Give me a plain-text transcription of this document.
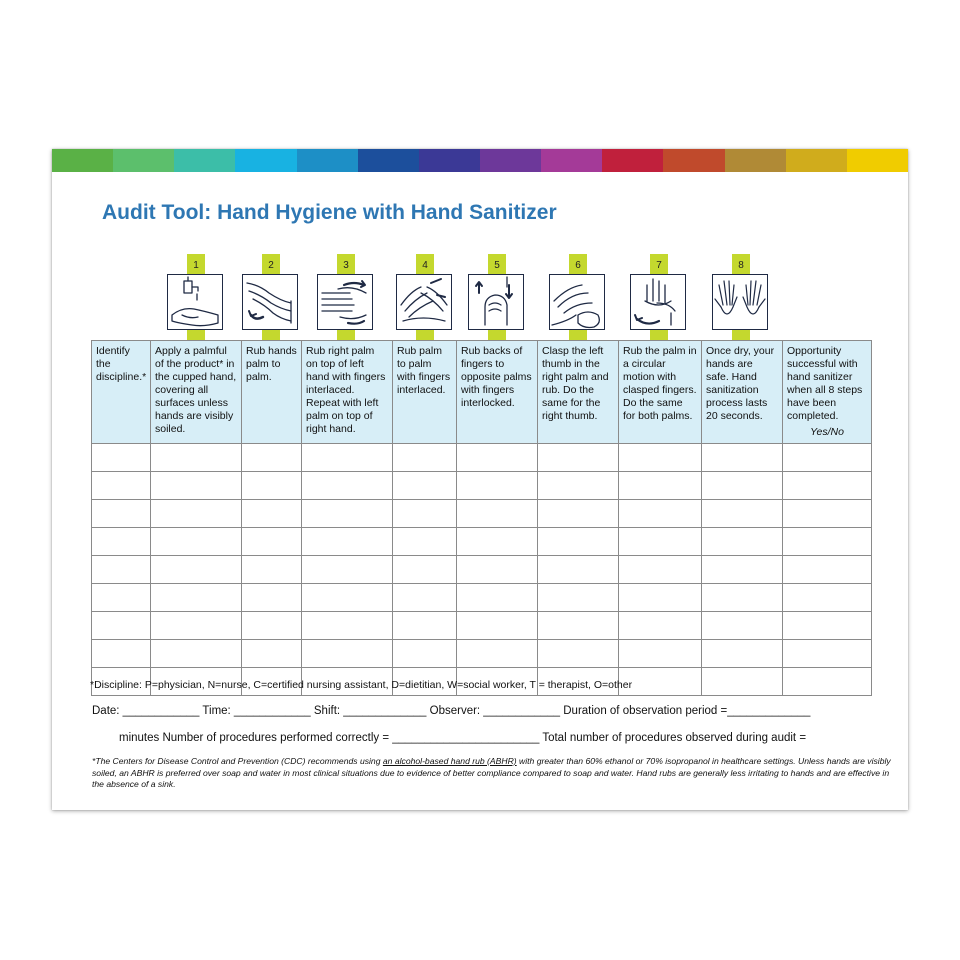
Audit Tool: Hand Hygiene with Hand Sanitizer
1	2	3	4	5	6	7	8
Identify the discipline.*	Apply a palmful of the product* in the cupped hand, covering all surfaces unless hands are visibly soiled.	Rub hands palm to palm.	Rub right palm on top of left hand with fingers interlaced. Repeat with left palm on top of right hand.	Rub palm to palm with fingers interlaced.	Rub backs of fingers to opposite palms with fingers interlocked.	Clasp the left thumb in the right palm and rub. Do the same for the right thumb.	Rub the palm in a circular motion with clasped fingers. Do the same for both palms.	Once dry, your hands are safe. Hand sanitization process lasts 20 seconds.	Opportunity successful with hand sanitizer when all 8 steps have been completed.
Yes/No

*Discipline: P=physician, N=nurse, C=certified nursing assistant, D=dietitian, W=social worker, T = therapist, O=other
Date: ____________ Time: ____________ Shift: _____________ Observer: ____________ Duration of observation period =_____________
minutes Number of procedures performed correctly = _______________________ Total number of procedures observed during audit =
*The Centers for Disease Control and Prevention (CDC) recommends using an alcohol-based hand rub (ABHR) with greater than 60% ethanol or 70% isopropanol in healthcare settings. Unless hands are visibly soiled, an ABHR is preferred over soap and water in most clinical situations due to evidence of better compliance compared to soap and water. Hand rubs are generally less irritating to hands and are effective in the absence of a sink.
